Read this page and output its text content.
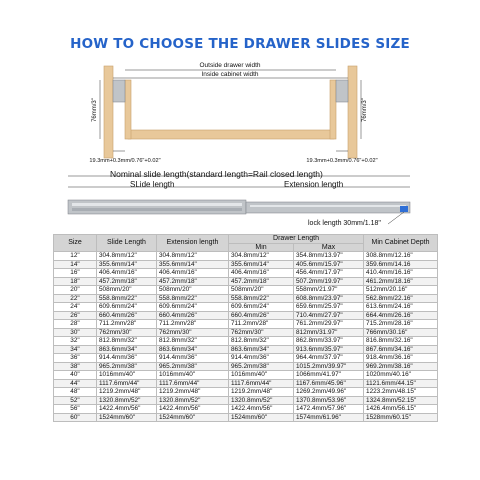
HOW TO CHOOSE THE DRAWER SLIDES SIZE
Outside drawer width
Inside cabinet width
76mm/3"	76mm/3"
19.3mm+0.3mm/0.76"+0.02"	19.3mm+0.3mm/0.76"+0.02"
Nominal slide length(standard length=Rail closed length)
SLide length	Extension length
lock length 30mm/1.18"
Size	Slide Length	Extension length	Drawer Length		Min Cabinet Depth
			Min	Max	
12"	304.8mm/12"	304.8mm/12"	304.8mm/12"	354.8mm/13.97"	308.8mm/12.16"
14"	355.6mm/14"	355.6mm/14"	355.6mm/14"	405.6mm/15.97"	359.6mm/14.16
16"	406.4mm/16"	406.4mm/16"	406.4mm/16"	456.4mm/17.97"	410.4mm/16.16"
18"	457.2mm/18"	457.2mm/18"	457.2mm/18"	507.2mm/19.97"	461.2mm/18.16"
20"	508mm/20"	508mm/20"	508mm/20"	558mm/21.97"	512mm/20.16"
22"	558.8mm/22"	558.8mm/22"	558.8mm/22"	608.8mm/23.97"	562.8mm/22.16"
24"	609.6mm/24"	609.6mm/24"	609.6mm/24"	659.6mm/25.97"	613.6mm/24.16"
26"	660.4mm/26"	660.4mm/26"	660.4mm/26"	710.4mm/27.97"	664.4mm/26.16"
28"	711.2mm/28"	711.2mm/28"	711.2mm/28"	761.2mm/29.97"	715.2mm/28.16"
30"	762mm/30"	762mm/30"	762mm/30"	812mm/31.97"	766mm/30.16"
32"	812.8mm/32"	812.8mm/32"	812.8mm/32"	862.8mm/33.97"	816.8mm/32.16"
34"	863.6mm/34"	863.6mm/34"	863.6mm/34"	913.6mm/35.97"	867.6mm/34.16"
36"	914.4mm/36"	914.4mm/36"	914.4mm/36"	964.4mm/37.97"	918.4mm/36.16"
38"	965.2mm/38"	965.2mm/38"	965.2mm/38"	1015.2mm/39.97"	969.2mm/38.16"
40"	1016mm/40"	1016mm/40"	1016mm/40"	1066mm/41.97"	1020mm/40.16"
44"	1117.6mm/44"	1117.6mm/44"	1117.6mm/44"	1167.6mm/45.96"	1121.6mm/44.15"
48"	1219.2mm/48"	1219.2mm/48"	1219.2mm/48"	1269.2mm/49.96"	1223.2mm/48.15"
52"	1320.8mm/52"	1320.8mm/52"	1320.8mm/52"	1370.8mm/53.96"	1324.8mm/52.15"
56"	1422.4mm/56"	1422.4mm/56"	1422.4mm/56"	1472.4mm/57.96"	1426.4mm/56.15"
60"	1524mm/60"	1524mm/60"	1524mm/60"	1574mm/61.96"	1528mm/60.15"
